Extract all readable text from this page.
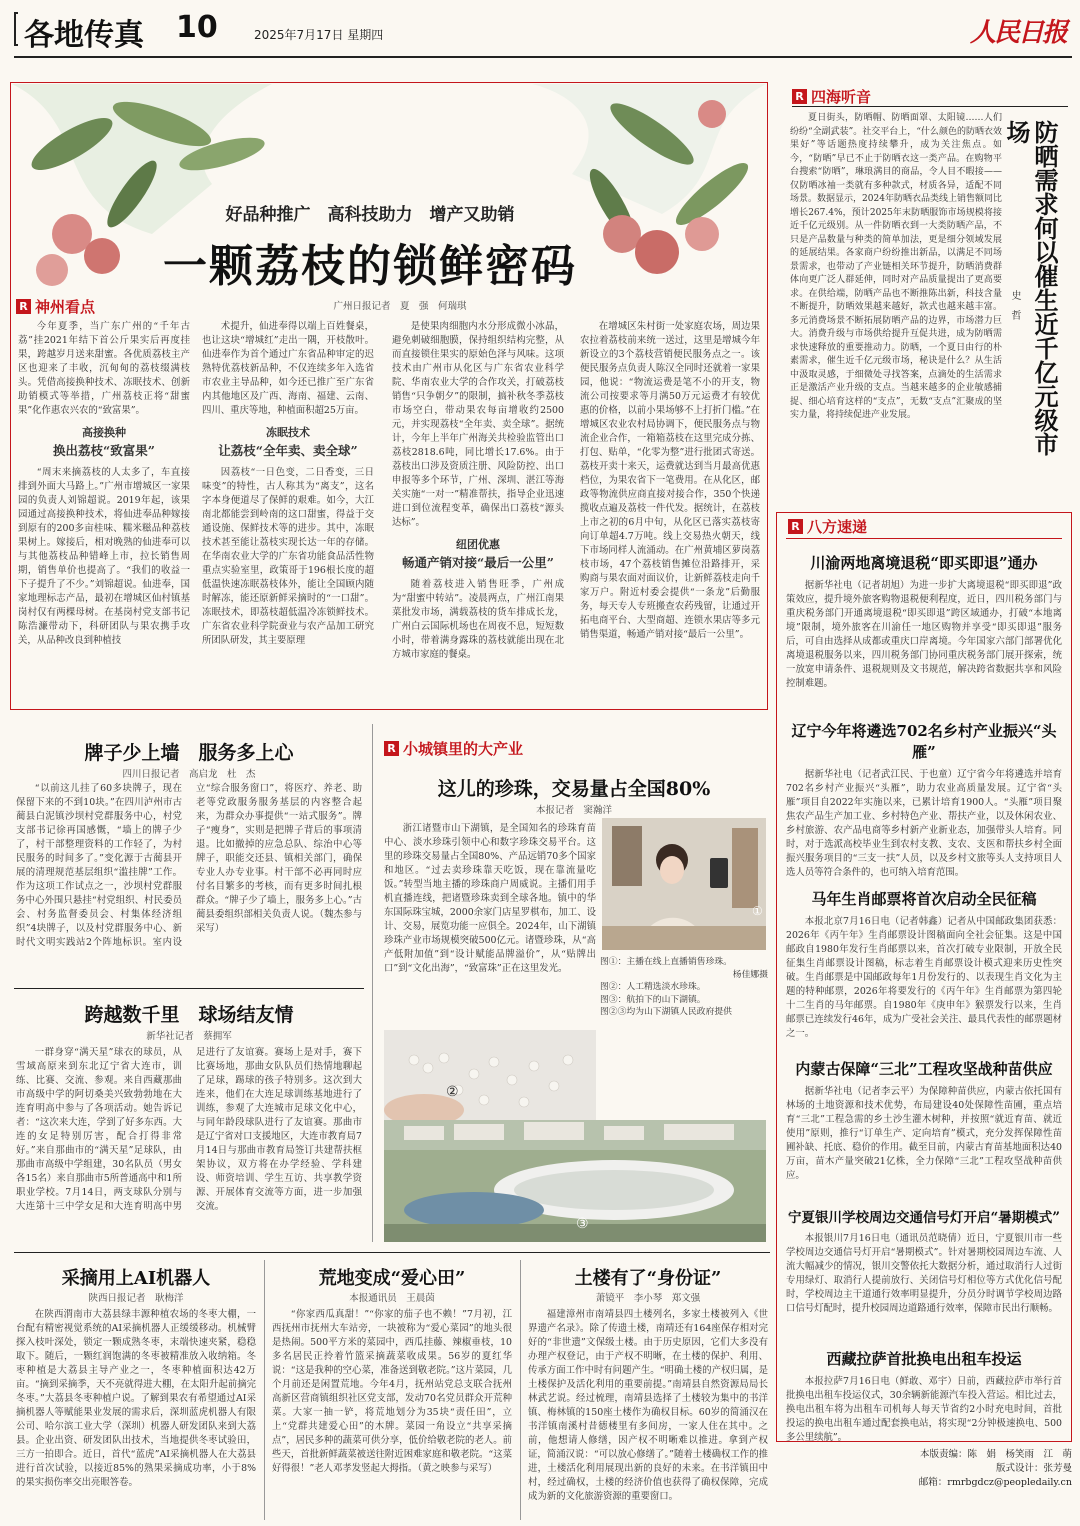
各地传真 10	2025年7月17日 星期四	人民日报
好品种推广　高科技助力　增产又助销
一颗荔枝的锁鲜密码
R 神州看点	广州日报记者　夏　强　何瑞琪

今年夏季，当广东广州的“千年古荔”挂2021年结下首公斤果实后再度挂果，跨越岁月送来甜蜜。各优质荔枝主产区也迎来了丰收，沉甸甸的荔枝缀满枝头。凭借高接换种技术、冻眠技术、创新助销模式等举措，广州荔枝正将“甜蜜果”化作惠农兴农的“致富果”。

高接换种
换出荔枝“致富果”

“周末来摘荔枝的人太多了，车直接排到外面大马路上。”广州市增城区一家果园的负责人刘锦超说。2019年起，该果园通过高接换种技术，将仙进奉品种嫁接到原有的200多亩桂味、糯米糍品种荔枝果树上。嫁接后，相对晚熟的仙进奉可以与其他荔枝品种错峰上市，拉长销售周期，销售单价也提高了。“我们的收益一下子提升了不少。”刘锦超说。仙进奉，国家地理标志产品，最初在增城区仙村镇基岗村仅有两棵母树。在基岗村党支部书记陈浩濂带动下，科研团队与果农携手攻关，从品种改良到种植技

术提升，仙进奉得以端上百姓餐桌，也让这块“增城红”走出一隅，开枝散叶。仙进奉作为首个通过广东省品种审定的迟熟特优荔枝新品种，不仅连续多年入选省市农业主导品种，如今还已推广至广东省内其他地区及广西、海南、福建、云南、四川、重庆等地，种植面积超25万亩。

冻眠技术
让荔枝“全年卖、卖全球”

因荔枝“一日色变，二日香变，三日味变”的特性，古人称其为“离支”，这名字本身便道尽了保鲜的艰难。如今，大江南北都能尝到岭南的这口甜蜜，得益于交通设施、保鲜技术等的进步。其中，冻眠技术甚至能让荔枝实现长达一年的存储。在华南农业大学的广东省功能食品活性物重点实验室里，政策哥于196根长度的超低温快速冻眠荔枝体外，能让全国顾内随时解冻，能还原新鲜采摘时的“一口甜”。冻眠技术，即荔枝超低温冷冻锁鲜技术。广东省农业科学院蚕业与农产品加工研究所团队研发，其主要原理

是使果肉细胞内水分形成微小冰晶，避免刺破细胞膜，保持组织结构完整，从而直接锁住果实的原始色泽与风味。这项技术由广州市从化区与广东省农业科学院、华南农业大学的合作攻关，打破荔枝销售“只争朝夕”的限制，搞补秋冬季荔枝市场空白，带动果农每亩增收约2500元，并实现荔枝“全年卖、卖全球”。据统计，今年上半年广州海关共检验监管出口荔枝2818.6吨，同比增长17.6%。由于荔枝出口涉及资质注册、风险防控、出口申报等多个环节，广州、深圳、湛江等海关实施“一对一”精准帮扶，指导企业迅速进口到位流程变革，确保出口荔枝“源头达标”。

纽团优惠
畅通产销对接“最后一公里”

随着荔枝进入销售旺季，广州成为“甜蜜中转站”。凌晨两点，广州江南果菜批发市场，满载荔枝的货车排成长龙，广州白云国际机场也在周夜不息，短短数小时，带着满身露珠的荔枝就能出现在北方城市家庭的餐桌。

在增城区朱村街一处家庭农场，周边果农拉着荔枝前来统一送过，这里是增城今年新设立的3个荔枝营销便民服务点之一。该便民服务点负责人陈汉全同时还就着一家果园，他说：“物流运费是笔不小的开支，物流公司按要求等月满50万元运费才有较优惠的价格，以前小果场够不上打折门槛。”在增城区农业农村局协调下，便民服务点与物流企业合作，一箱箱荔枝在这里完成分拣、打包、贴单，“化零为整”进行批团式寄送。荔枝开卖十来天，运费就达到当月最高优惠档位，为果农省下一笔费用。在从化区，邮政等物流供应商直接对接合作，350个快递揽收点遍及荔枝一件代发。据统计，在荔枝上市之初的6月中旬，从化区已落实荔枝寄向订单超4.7万吨。线上交易热火朝天，线下市场同样人流涌动。在广州黄埔区萝岗荔枝市场，47个荔枝销售摊位沿路排开，采购商与果农面对面议价，让新鲜荔枝走向千家万户。附近村委会提供“一条龙”后勤服务，每天专人专班搬查农药残留，让通过开拓电商平台、大型商超、连锁水果店等多元销售渠道，畅通产销对接“最后一公里”。

R 四海听音
防晒需求何以催生近千亿元级市场
史　哲
夏日街头，防晒帽、防晒面罩、太阳镜……人们纷纷“全副武装”。社交平台上，“什么颜色的防晒衣效果好”等话题热度持续攀升，成为关注焦点。如今，“防晒”早已不止于防晒衣这一类产品。在购物平台搜索“防晒”，琳琅满目的商品，令人目不暇接——仅防晒冰袖一类就有多种款式，材质各异，适配不同场景。数据显示，2024年防晒衣品类线上销售额同比增长267.4%，预计2025年末防晒服饰市场规模将接近千亿元级别。从一件防晒衣到一大类防晒产品，不只是产品数量与种类的简单加法，更是细分领域发展的延展结果。各家商户纷纷推出新品，以满足不同场景需求，也带动了产业链相关环节提升，防晒消费群体向更广泛人群延伸，同时对产品质量提出了更高要求。在供给端，防晒产品也不断推陈出新，科技含量不断提升，防晒效果越来越好，款式也越来越丰富。多元消费场景不断拓展防晒产品的边界，市场潜力巨大。消费升级与市场供给提升互促共进，成为防晒需求快速释放的重要推动力。防晒，一个夏日由行的朴素需求，催生近千亿元级市场，秘诀是什么？从生活中汲取灵感，于细微处寻找答案，点滴处的生活需求正是激活产业升级的支点。当越来越多的企业敏感捕捉、细心培育这样的“支点”，无数“支点”汇聚成的坚实力量，将持续促进产业发展。
R 八方速递
川渝两地离境退税“即买即退”通办
据新华社电（记者胡旭）为进一步扩大离境退税“即买即退”政策效应，提升境外旅客购物退税便利程度，近日，四川税务部门与重庆税务部门开通离境退税“即买即退”跨区域通办，打破“本地离境”限制，境外旅客在川渝任一地区购物并享受“即买即退”服务后，可自由选择从成都或重庆口岸离境。今年国家六部门部署优化离境退税服务以来，四川税务部门协同重庆税务部门展开探索，统一放宽申请条件、退税规则及文书规范，解决跨省数据共享和风险控制难题。
辽宁今年将遴选702名乡村产业振兴“头雁”
据新华社电（记者武江民、于也童）辽宁省今年将遴选并培育702名乡村产业振兴“头雁”，助力农业高质量发展。辽宁省“头雁”项目自2022年实施以来，已累计培育1900人。“头雁”项目聚焦农产品生产加工业、乡村特色产业、帮扶产业，以及休闲农业、乡村旅游、农产品电商等乡村新产业新业态，加强带头人培育。同时，对于选派高校毕业生到农村支教、支农、支医和帮扶乡村全面振兴服务项目的“三支一扶”人员，以及乡村文旅等头人支持项目人选人员等符合条件的，也可纳入培育范围。
马年生肖邮票将首次启动全民征稿
本报北京7月16日电（记者韩鑫）记者从中国邮政集团获悉：2026年《丙午年》生肖邮票设计图稿面向全社会征集。这是中国邮政自1980年发行生肖邮票以来，首次打破专业限制，开放全民征集生肖邮票设计图稿，标志着生肖邮票设计模式迎来历史性突破。生肖邮票是中国邮政每年1月份发行的、以表现生肖文化为主题的特种邮票，2026年将要发行的《丙午年》生肖邮票为第四轮十二生肖的马年邮票。自1980年《庚申年》猴票发行以来，生肖邮票已连续发行46年，成为广受社会关注、最具代表性的邮票题材之一。
内蒙古保障“三北”工程攻坚战种苗供应
据新华社电（记者李云平）为保障种苗供应，内蒙古依托国有林场的土地资源和技术优势，布局建设40处保障性苗圃，重点培育“三北”工程急需的乡土沙生灌木树种，并按照“就近育苗、就近使用”原则，推行“订单生产、定向培育”模式，充分发挥保障性苗圃补缺、托底、稳价的作用。截至目前，内蒙古育苗基地面积达40万亩，苗木产量突破21亿株，全力保障“三北”工程攻坚战种苗供应。
宁夏银川学校周边交通信号灯开启“暑期模式”
本报银川7月16日电（通讯员范晓倩）近日，宁夏银川市一些学校周边交通信号灯开启“暑期模式”。针对暑期校园周边车流、人流大幅减少的情况，银川交警依托大数据分析，通过取消行人过街专用绿灯、取消行人提前放行、关闭信号灯相位等方式优化信号配时，学校周边主干道通行效率明显提升，分员分时调节学校周边路口信号灯配时，提升校园周边道路通行效率，保障市民出行顺畅。
西藏拉萨首批换电出租车投运
本报拉萨7月16日电（鲜敢、邓宇）日前，西藏拉萨市举行首批换电出租车投运仪式，30余辆新能源汽车投入营运。相比过去，换电出租车将为出租车司机每人每天节省约2小时充电时间，首批投运的换电出租车通过配套换电站，将实现“2分钟极速换电、500多公里续航”。
牌子少上墙　服务多上心
四川日报记者　高启龙　杜　杰
“以前这儿挂了60多块牌子，现在保留下来的不到10块。”在四川泸州市古蔺县白泥镇沙坝村党群服务中心，村党支部书记徐再国感慨，“墙上的牌子少了，村干部整理资料的工作轻了，为村民服务的时间多了。”变化源于古蔺县开展的清理规范基层组织“滥挂牌”工作。作为这项工作试点之一，沙坝村党群服务中心外围只悬挂“村党组织、村民委员会、村务监督委员会、村集体经济组织”4块牌子，以及村党群服务中心、新时代文明实践站2个阵地标识。室内设立“综合服务窗口”，将医疗、养老、助老等党政服务服务基层的内容整合起来，为群众办事提供“一站式服务”。牌子“瘦身”，实则是把牌子背后的事项清退。比如撤掉的应急总队、综治中心等牌子，职能交还县、镇相关部门，确保专业人办专业事。村干部不必再同时应付名目繁多的考核，而有更多时间扎根群众。“牌子少了墙上，服务多上心。”古蔺县委组织部相关负责人说。（魏杰参与采写）
跨越数千里　球场结友情
新华社记者　蔡拥军
一群身穿“满天星”球衣的球员，从雪域高原来到东北辽宁省大连市，训练、比赛、交流、参观。来自西藏那曲市高级中学的阿切桑美兴致勃勃地在大连育明高中参与了各项活动。她告诉记者：“这次来大连，学到了好多东西。大连的女足特别厉害，配合打得非常好。”来自那曲市的“满天星”足球队，由那曲市高级中学组建，30名队员（男女各15名）来自那曲市5所普通高中和1所职业学校。7月14日，两支球队分别与大连第十三中学女足和大连育明高中男足进行了友谊赛。赛场上是对手，赛下比赛场地，那曲女队队员们热情地聊起了足球，踢球的孩子特别多。这次到大连来，他们在大连足球训练基地进行了训练，参观了大连城市足球文化中心，与同年龄段球队进行了友谊赛。那曲市是辽宁省对口支援地区，大连市教育局7月14日与那曲市教育局签订共建帮扶框架协议，双方将在办学经验、学科建设、师资培训、学生互访、共享教学资源、开展体育交流等方面，进一步加强交流。
R 小城镇里的大产业
这儿的珍珠，交易量占全国80%
本报记者　窦瀚洋
浙江诸暨市山下湖镇，是全国知名的珍珠育苗中心、淡水珍珠引领中心和数字珍珠交易平台。这里的珍珠交易量占全国80%、产品远销70多个国家和地区。“过去卖珍珠靠天吃饭，现在靠流量吃饭。”转型当地主播的珍珠商户周威说。主播们用手机直播连线，把诸暨珍珠卖到全球各地。镇中的华东国际珠宝城，2000余家门店星罗棋布，加工、设计、交易，展览功能一应俱全。2024年，山下湖镇珍珠产业市场规模突破500亿元。诸暨珍珠，从“高产低附加值”到“设计赋能品牌溢价”，从“贴牌出口”到“文化出海”，“致富珠”正在这里发光。
①
图①：主播在线上直播销售珍珠。
杨佳娜摄
图②：人工精选淡水珍珠。
图③：航拍下的山下湖镇。
图②③均为山下湖镇人民政府提供
②
③
采摘用上AI机器人
陕西日报记者　耿梅洋
在陕西渭南市大荔县绿丰源种植农场的冬枣大棚，一台配有精密视觉系统的AI采摘机器人正缓缓移动。机械臂探入枝叶深处，锁定一颗成熟冬枣，末端快速夹紧，稳稳取下。随后，一颗红润饱满的冬枣被精准放入收纳箱。冬枣种植是大荔县主导产业之一，冬枣种植面积达42万亩。“摘到采摘季，天不亮就得进大棚，在太阳升起前摘完冬枣。”大荔县冬枣种植户说。了解到果农有希望通过AI采摘机器人等赋能果业发展的需求后，深圳蓝虎机器人有限公司、哈尔滨工业大学（深圳）机器人研发团队来到大荔县。企业出资、研发团队出技术，当地提供冬枣试验田，三方一拍即合。近日，首代“蓝虎”AI采摘机器人在大荔县进行首次试验，以接近85%的熟果采摘成功率，小于8%的果实损伤率交出亮眼答卷。
荒地变成“爱心田”
本报通讯员　王晨茵
“你家西瓜真甜！”“你家的茄子也不赖！”7月初，江西抚州市抚州大车站旁，一块被称为“爱心菜园”的地头很是热闹。500平方米的菜园中，西瓜挂藤、辣椒垂枝，10多名居民正拎着竹篮采摘蔬菜收成果。56岁的夏红华说：“这是我种的空心菜，准备送到敬老院。”这片菜园，几个月前还是闲置荒地。今年4月，抚州站党总支联合抚州高新区营商镇组织社区党支部，发动70名党员群众开荒种菜。大家一抽一铲，将荒地划分为35块“责任田”，立上“党群共建爱心田”的木牌。菜园一角设立“共享采摘点”，居民多种的蔬菜可供分享，低价给敬老院的老人。前些天，首批新鲜蔬菜被送往附近困难家庭和敬老院。“这菜好得很！”老人邓孝发竖起大拇指。（黄之映参与采写）
土楼有了“身份证”
萧镜平　李小琴　郑文强
福建漳州市南靖县四土楼列名，多家土楼被列入《世界遗产名录》。除了传遗土楼，南靖还有164座保存相对完好的“非世遗”文保级土楼。由于历史原因，它们大多没有办理产权登记，由于产权不明晰，在土楼的保护、利用、传承方面工作中时有问题产生。“明确土楼的产权归属，是土楼保护及活化利用的重要前提。”南靖县自然资源局局长林武艺说。经过梳理，南靖县选择了土楼较为集中的书洋镇、梅林镇的150座土楼作为确权目标。60岁的简涌汉在书洋镇南溪村昔德楼里有多间房，一家人住在其中。之前，他想请人修缮，因产权不明晰难以推进。拿到产权证，简涌汉说：“可以放心修缮了。”随着土楼确权工作的推进，土楼活化利用展现出新的良好的未来。在书洋镇田中村，经过确权，土楼的经济价值也获得了确权保障，完成成为新的文化旅游资源的重要窗口。
本版责编：陈　娟　杨笑雨　江　萌
版式设计：张芳曼
邮箱：rmrbgdcz@peopledaily.cn
